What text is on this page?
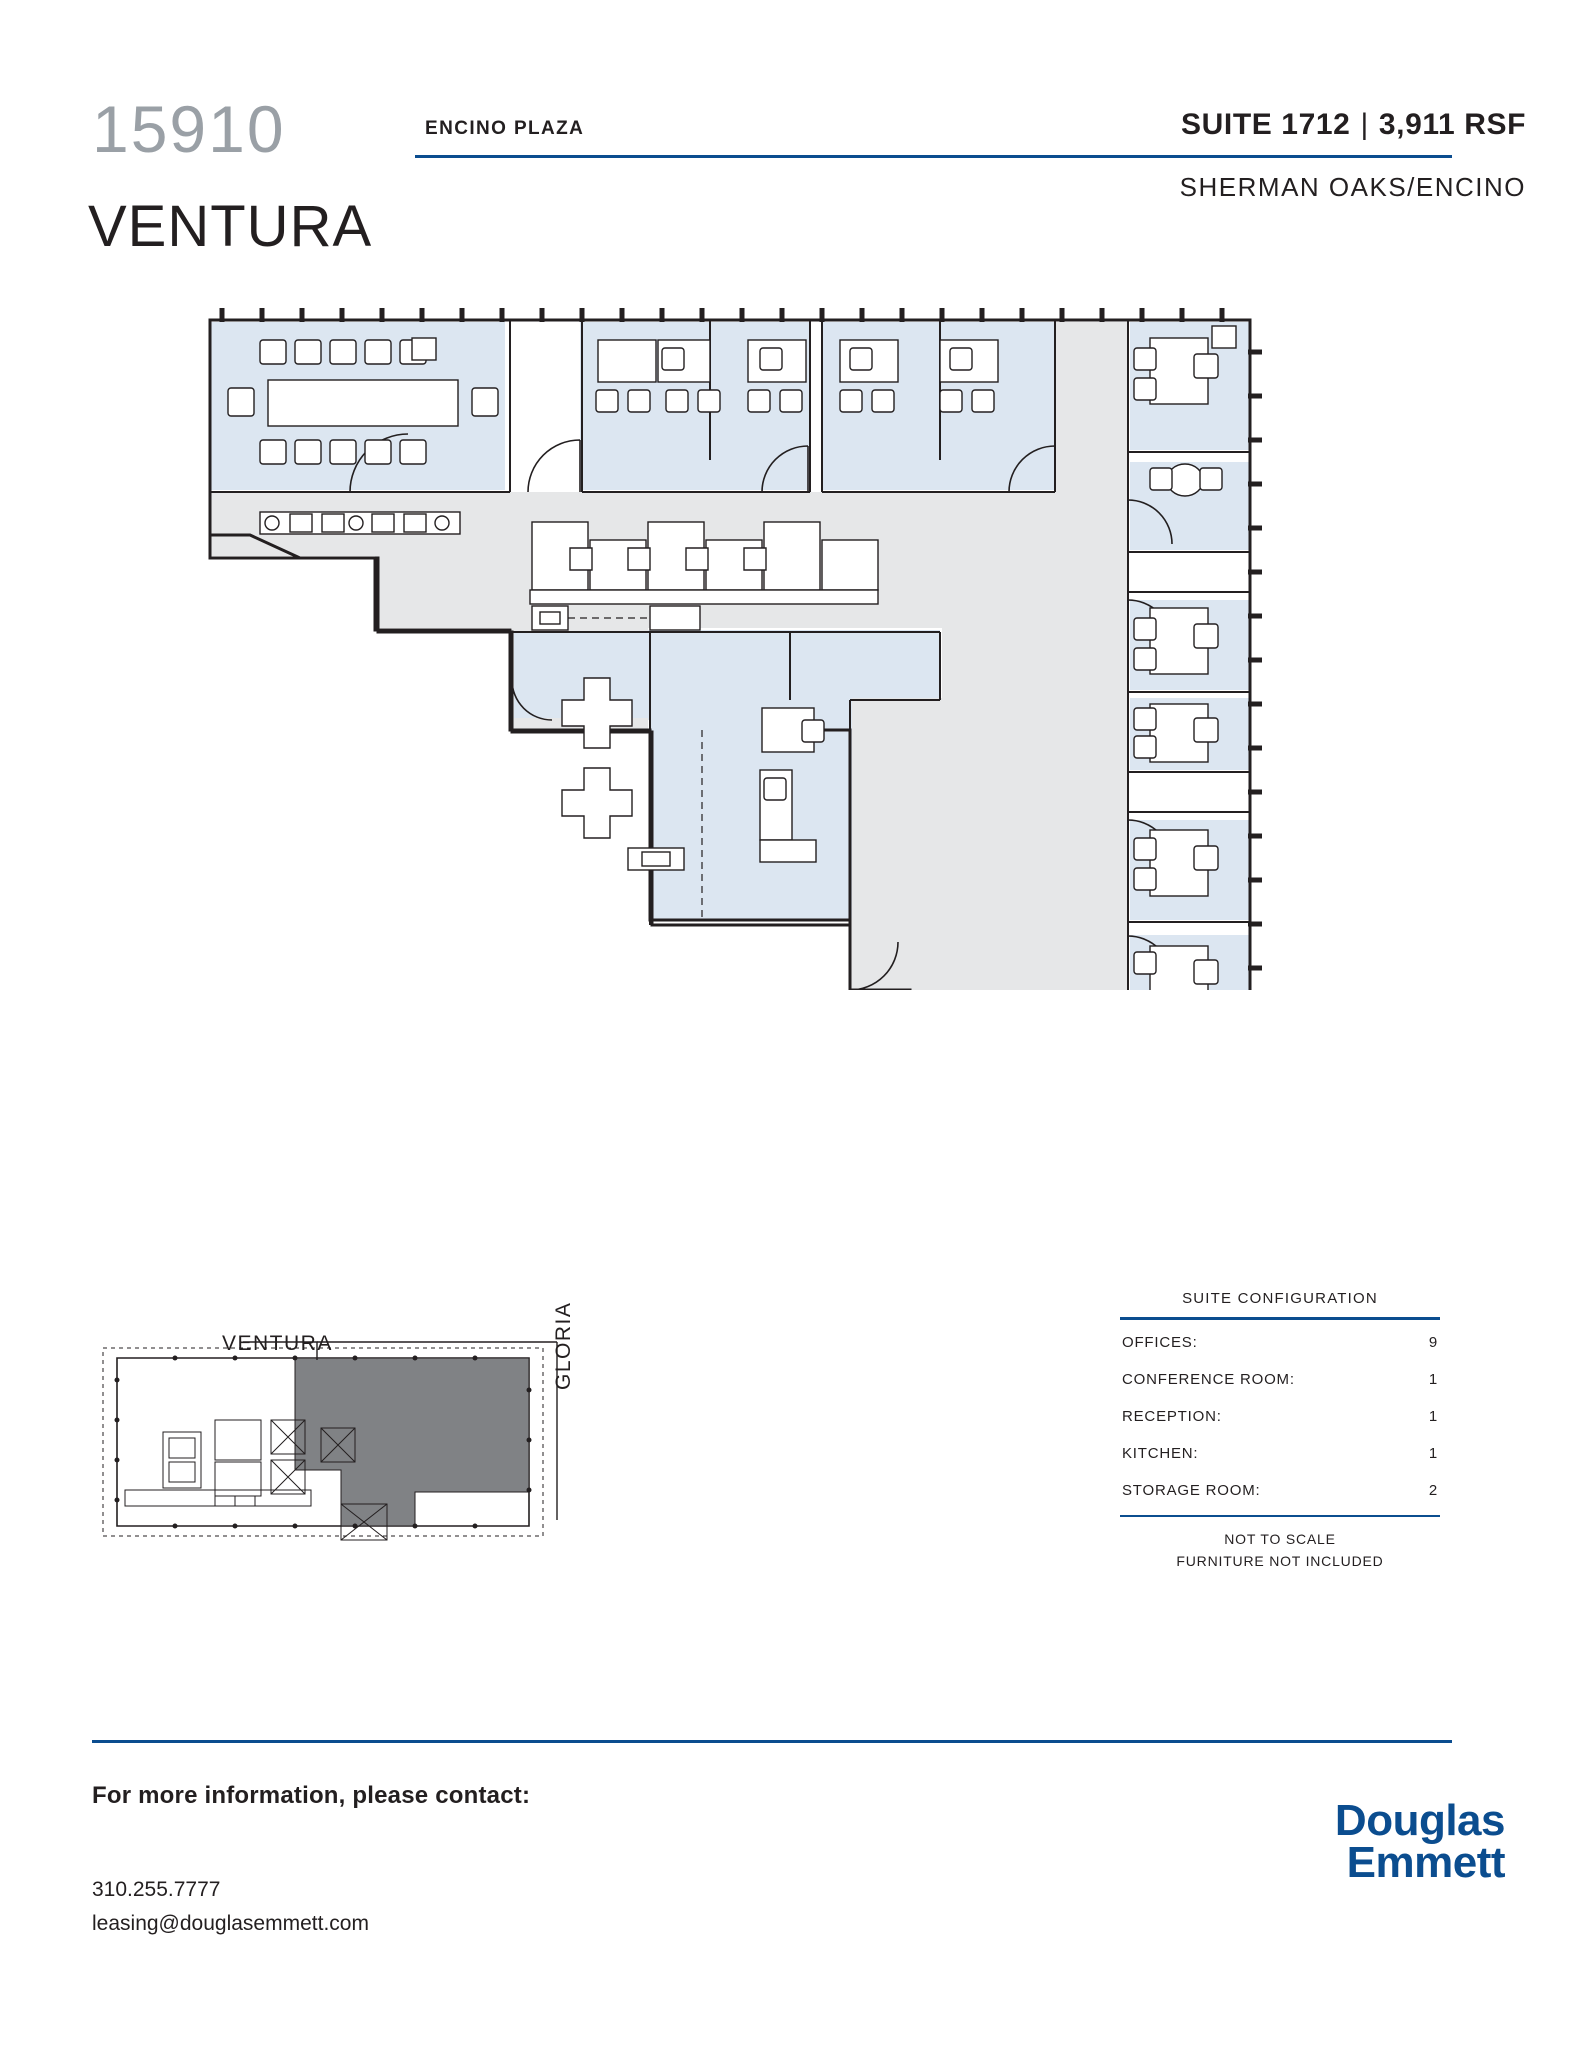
15910
VENTURA
ENCINO PLAZA	SUITE 1712 | 3,911 RSF
SHERMAN OAKS/ENCINO
VENTURA	GLORIA
SUITE CONFIGURATION
OFFICES:	9
CONFERENCE ROOM:	1
RECEPTION:	1
KITCHEN:	1
STORAGE ROOM:	2
NOT TO SCALE
FURNITURE NOT INCLUDED
For more information, please contact:
310.255.7777
leasing@douglasemmett.com
Douglas
Emmett
